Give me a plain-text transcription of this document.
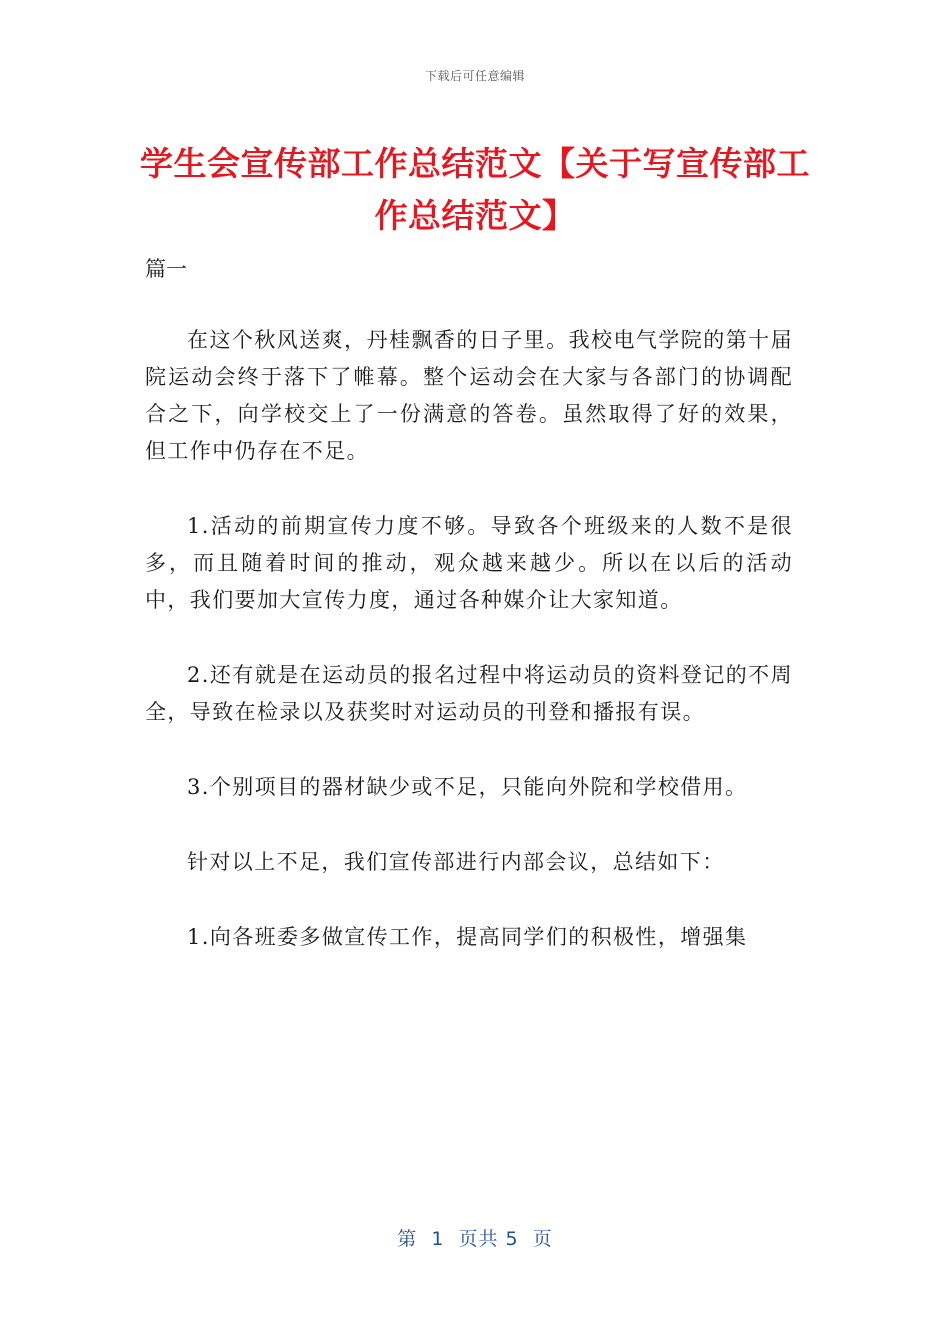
下载后可任意编辑
学生会宣传部工作总结范文【关于写宣传部工作总结范文】
篇一

在这个秋风送爽，丹桂飘香的日子里。我校电气学院的第十届院运动会终于落下了帷幕。整个运动会在大家与各部门的协调配合之下，向学校交上了一份满意的答卷。虽然取得了好的效果，但工作中仍存在不足。

1.活动的前期宣传力度不够。导致各个班级来的人数不是很多，而且随着时间的推动，观众越来越少。所以在以后的活动中，我们要加大宣传力度，通过各种媒介让大家知道。

2.还有就是在运动员的报名过程中将运动员的资料登记的不周全，导致在检录以及获奖时对运动员的刊登和播报有误。

3.个别项目的器材缺少或不足，只能向外院和学校借用。

针对以上不足，我们宣传部进行内部会议，总结如下：

1.向各班委多做宣传工作，提高同学们的积极性，增强集

第  1  页共 5  页
